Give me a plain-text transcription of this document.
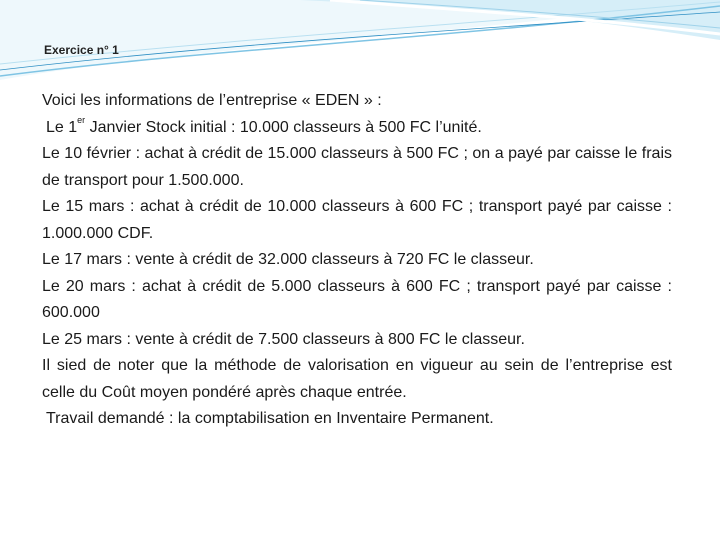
Exercice n° 1

Voici les informations de l’entreprise « EDEN » :

Le 1er Janvier Stock initial : 10.000 classeurs à 500 FC l’unité.

Le 10 février : achat à crédit de 15.000 classeurs à 500 FC ; on a payé par caisse le frais de transport pour 1.500.000.

Le 15 mars : achat à crédit de 10.000 classeurs à 600 FC ; transport payé par caisse : 1.000.000 CDF.

Le 17 mars : vente à crédit de 32.000 classeurs à 720 FC le classeur.

Le 20 mars : achat à crédit de 5.000 classeurs à 600 FC ; transport payé par caisse : 600.000

Le 25 mars : vente à crédit de 7.500 classeurs à 800 FC le classeur.

Il sied de noter que la méthode de valorisation en vigueur au sein de l’entreprise est celle du Coût moyen pondéré après chaque entrée.

Travail demandé : la comptabilisation en Inventaire Permanent.
